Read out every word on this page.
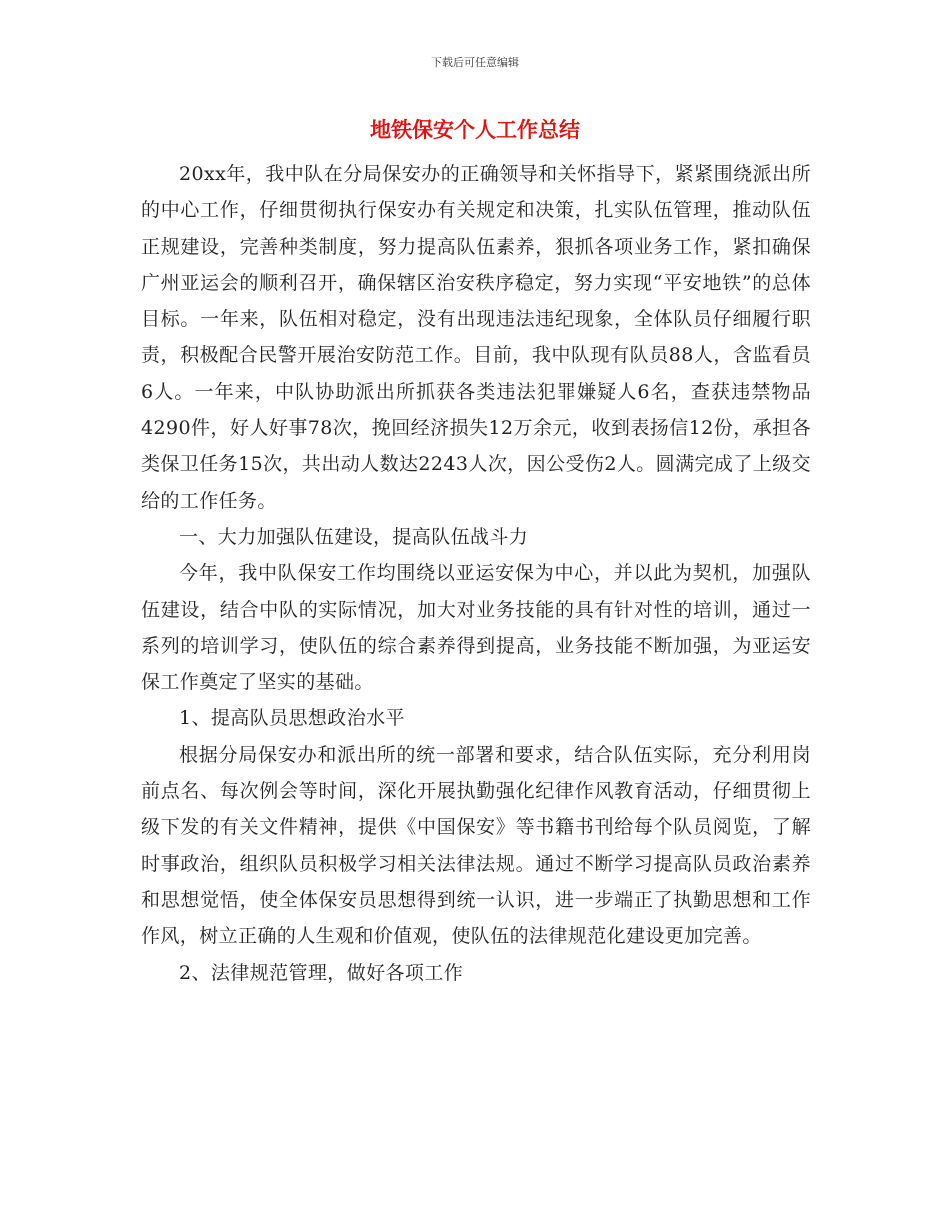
下载后可任意编辑
地铁保安个人工作总结

20xx年，我中队在分局保安办的正确领导和关怀指导下，紧紧围绕派出所的中心工作，仔细贯彻执行保安办有关规定和决策，扎实队伍管理，推动队伍正规建设，完善种类制度，努力提高队伍素养，狠抓各项业务工作，紧扣确保广州亚运会的顺利召开，确保辖区治安秩序稳定，努力实现“平安地铁”的总体目标。一年来，队伍相对稳定，没有出现违法违纪现象，全体队员仔细履行职责，积极配合民警开展治安防范工作。目前，我中队现有队员88人，含监看员6人。一年来，中队协助派出所抓获各类违法犯罪嫌疑人6名，查获违禁物品4290件，好人好事78次，挽回经济损失12万余元，收到表扬信12份，承担各类保卫任务15次，共出动人数达2243人次，因公受伤2人。圆满完成了上级交给的工作任务。

一、大力加强队伍建设，提高队伍战斗力

今年，我中队保安工作均围绕以亚运安保为中心，并以此为契机，加强队伍建设，结合中队的实际情况，加大对业务技能的具有针对性的培训，通过一系列的培训学习，使队伍的综合素养得到提高，业务技能不断加强，为亚运安保工作奠定了坚实的基础。

1、提高队员思想政治水平

根据分局保安办和派出所的统一部署和要求，结合队伍实际，充分利用岗前点名、每次例会等时间，深化开展执勤强化纪律作风教育活动，仔细贯彻上级下发的有关文件精神，提供《中国保安》等书籍书刊给每个队员阅览，了解时事政治，组织队员积极学习相关法律法规。通过不断学习提高队员政治素养和思想觉悟，使全体保安员思想得到统一认识，进一步端正了执勤思想和工作作风，树立正确的人生观和价值观，使队伍的法律规范化建设更加完善。

2、法律规范管理，做好各项工作
